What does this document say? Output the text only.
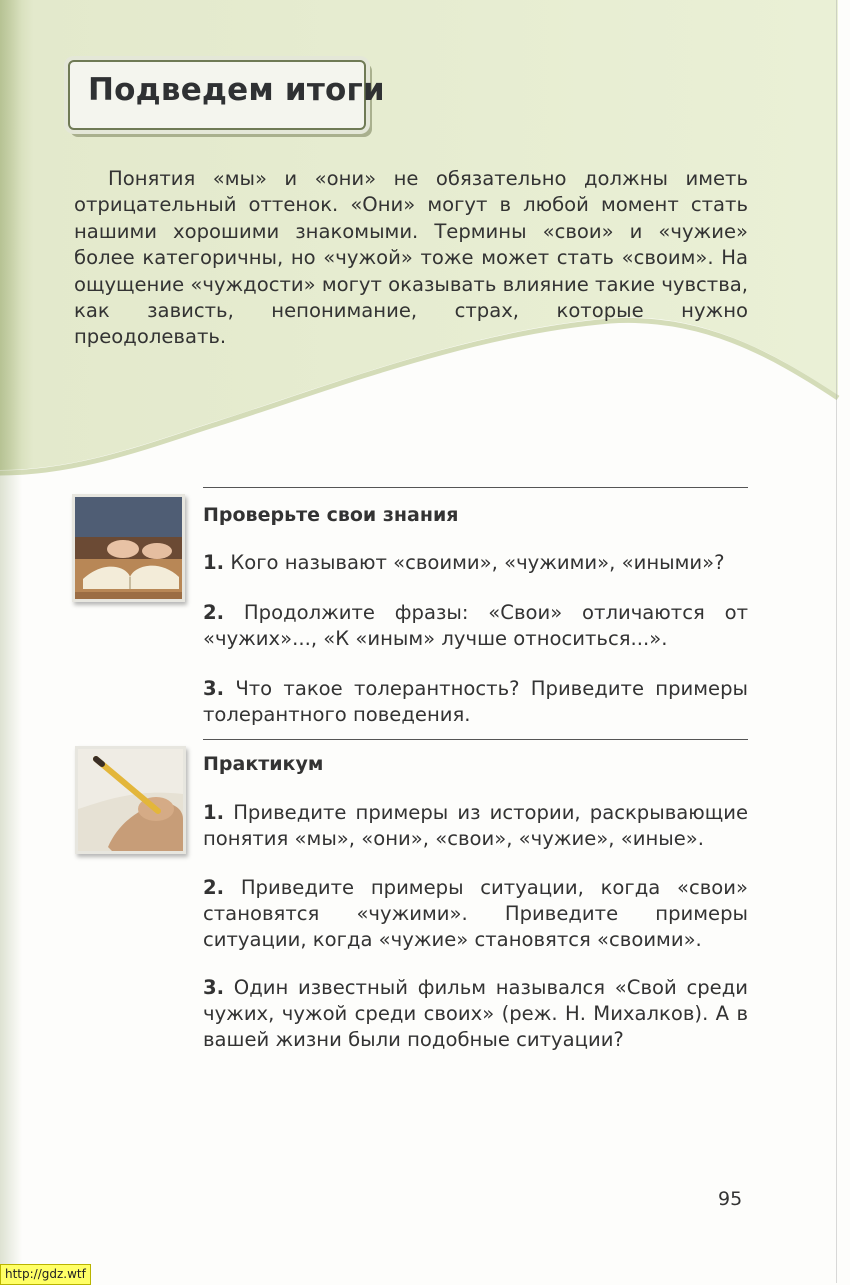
Подведем итоги
Понятия «мы» и «они» не обязательно должны иметь отрицательный оттенок. «Они» могут в любой момент стать нашими хорошими знакомыми. Термины «свои» и «чужие» более категоричны, но «чужой» тоже может стать «своим». На ощущение «чуждости» могут оказывать влияние такие чувства, как зависть, непонимание, страх, которые нужно преодолевать.
Проверьте свои знания
1. Кого называют «своими», «чужими», «иными»?
2. Продолжите фразы: «Свои» отличаются от «чужих»..., «К «иным» лучше относиться...».
3. Что такое толерантность? Приведите примеры толерантного поведения.
Практикум
1. Приведите примеры из истории, раскрывающие понятия «мы», «они», «свои», «чужие», «иные».
2. Приведите примеры ситуации, когда «свои» становятся «чужими». Приведите примеры ситуации, когда «чужие» становятся «своими».
3. Один известный фильм назывался «Свой среди чужих, чужой среди своих» (реж. Н. Михалков). А в вашей жизни были подобные ситуации?
95
http://gdz.wtf
